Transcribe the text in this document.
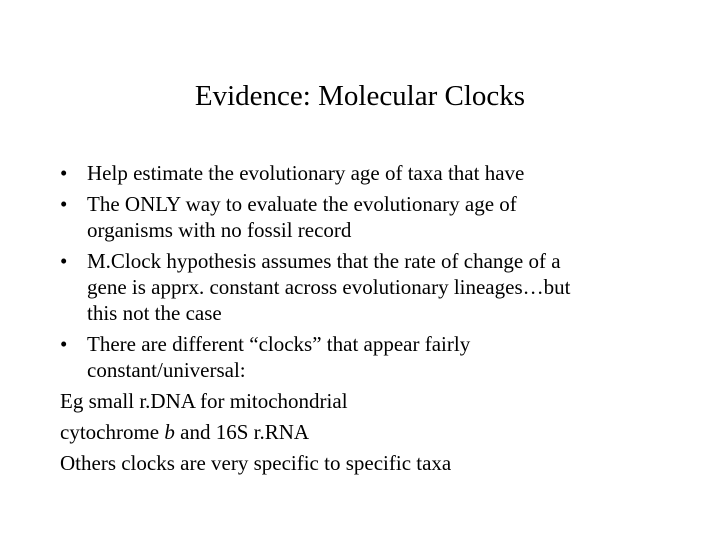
Evidence: Molecular Clocks
• Help estimate the evolutionary age of taxa that have
• The ONLY way to evaluate the evolutionary age of
organisms with no fossil record
• M.Clock hypothesis assumes that the rate of change of a
gene is apprx. constant across evolutionary lineages…but
this not the case
• There are different “clocks” that appear fairly
constant/universal:
Eg small r.DNA for mitochondrial
cytochrome b and 16S r.RNA
Others clocks are very specific to specific taxa
